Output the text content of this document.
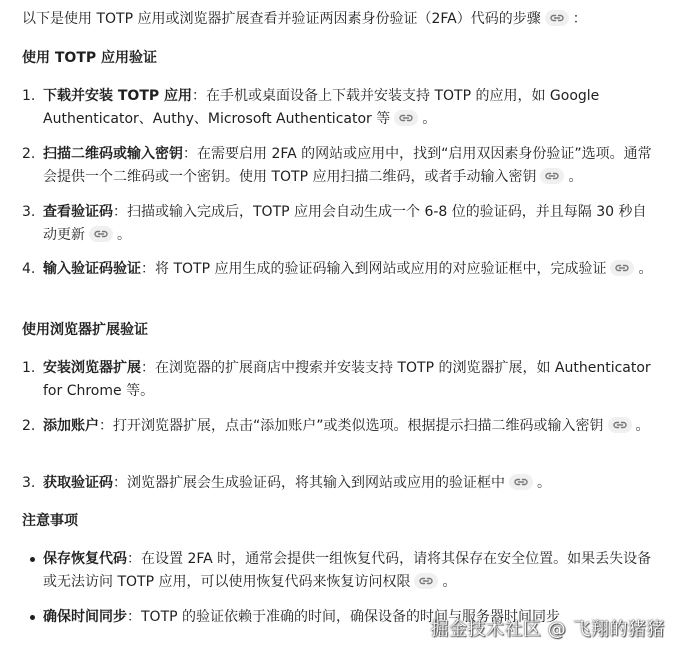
以下是使用 TOTP 应用或浏览器扩展查看并验证两因素身份验证（2FA）代码的步骤 ：
使用 TOTP 应用验证
1. 下载并安装 TOTP 应用：在手机或桌面设备上下载并安装支持 TOTP 的应用，如 Google Authenticator、Authy、Microsoft Authenticator 等 。
2. 扫描二维码或输入密钥：在需要启用 2FA 的网站或应用中，找到“启用双因素身份验证”选项。通常会提供一个二维码或一个密钥。使用 TOTP 应用扫描二维码，或者手动输入密钥 。
3. 查看验证码：扫描或输入完成后，TOTP 应用会自动生成一个 6-8 位的验证码，并且每隔 30 秒自动更新 。
4. 输入验证码验证：将 TOTP 应用生成的验证码输入到网站或应用的对应验证框中，完成验证 。
使用浏览器扩展验证
1. 安装浏览器扩展：在浏览器的扩展商店中搜索并安装支持 TOTP 的浏览器扩展，如 Authenticator for Chrome 等。
2. 添加账户：打开浏览器扩展，点击“添加账户”或类似选项。根据提示扫描二维码或输入密钥 。
3. 获取验证码：浏览器扩展会生成验证码，将其输入到网站或应用的验证框中 。
注意事项
保存恢复代码：在设置 2FA 时，通常会提供一组恢复代码，请将其保存在安全位置。如果丢失设备或无法访问 TOTP 应用，可以使用恢复代码来恢复访问权限 。
确保时间同步：TOTP 的验证依赖于准确的时间，确保设备的时间与服务器时间同步
掘金技术社区 @ 飞翔的猪猪
